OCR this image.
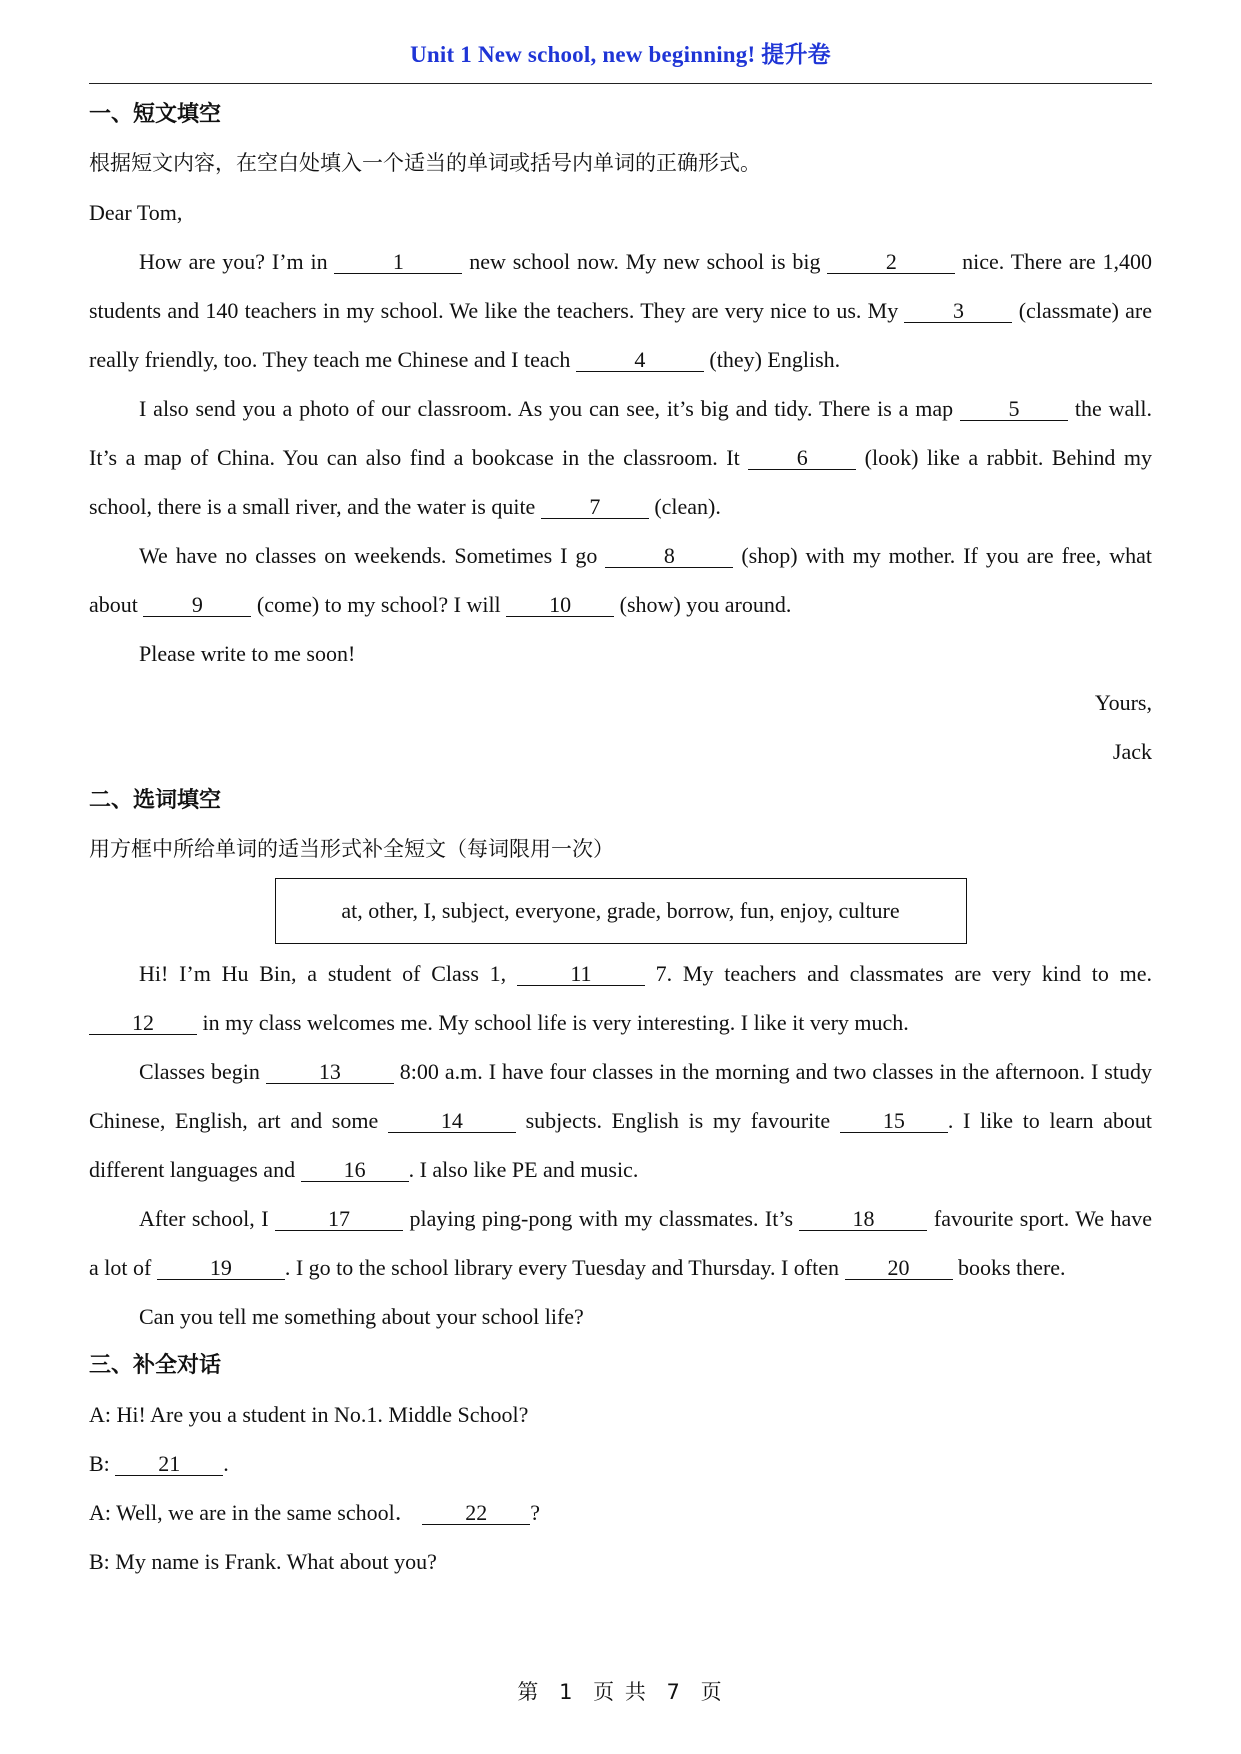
Unit 1 New school, new beginning! 提升卷

一、短文填空

根据短文内容，在空白处填入一个适当的单词或括号内单词的正确形式。

Dear Tom,

How are you? I’m in	1	new school now. My new school is big	2	nice. There are 1,400 students and 140 teachers in my school. We like the teachers. They are very nice to us. My 3 (classmate) are really friendly, too. They teach me Chinese and I teach	4	(they) English.

I also send you a photo of our classroom. As you can see, it’s big and tidy. There is a map	5	the wall. It’s a map of China. You can also find a bookcase in the classroom. It	6	(look) like a rabbit. Behind my school, there is a small river, and the water is quite 7 (clean).

We have no classes on weekends. Sometimes I go	8	(shop) with my mother. If you are free, what about 9 (come) to my school? I will 10 (show) you around.

Please write to me soon!

Yours,

Jack

二、选词填空

用方框中所给单词的适当形式补全短文（每词限用一次）

at, other, I, subject, everyone, grade, borrow, fun, enjoy, culture

Hi! I’m Hu Bin, a student of Class 1,	11	7. My teachers and classmates are very kind to me. 12 in my class welcomes me. My school life is very interesting. I like it very much.

Classes begin	13	8:00 a.m. I have four classes in the morning and two classes in the afternoon. I study Chinese, English, art and some	14	subjects. English is my favourite 15 . I like to learn about different languages and 16 . I also like PE and music.

After school, I	17	playing ping-pong with my classmates. It’s	18	favourite sport. We have a lot of	19 . I go to the school library every Tuesday and Thursday. I often 20 books there.

Can you tell me something about your school life?

三、补全对话

A: Hi! Are you a student in No.1. Middle School?

B: 21 .

A: Well, we are in the same school． 22 ?

B: My name is Frank. What about you?

第 1 页 共 7 页
